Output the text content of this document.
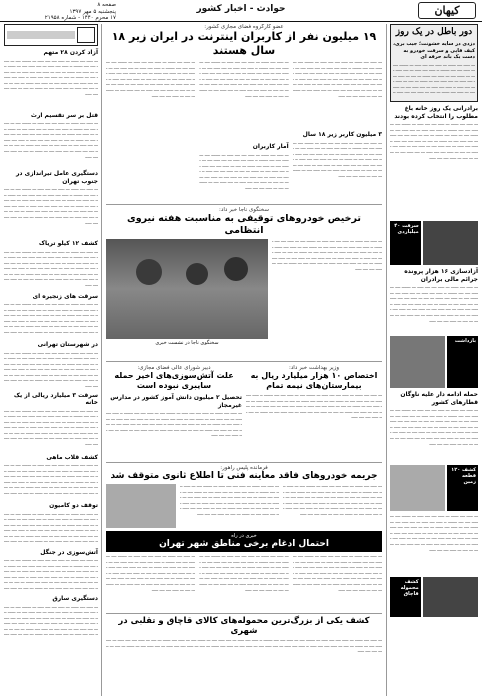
کیهان
حوادث - اخبار کشور
صفحه ۸
پنجشنبه ۵ مهر ۱۳۹۷
۱۷ محرم ۱۴۴۰ - شماره ۲۱۹۵۸
دور باطل در یک روز
دزدی در سایه خشونت؛ جیب بری، کیف قاپی و سرقت خودرو به دست یک باند حرفه ای
ـــ ـــــ ــــ ــــــ ـــ ـــــ ــــ ــــ ـــــ ـــ ـــــــ ــــ ـــ ـــــ ــــ ــــ ـــــــ ــ ـــــ ــــ ـــــ ـــ ــــ ـــــ ــــ ـــ ــــــ ــــ ـــ ـــــ ــــ ــــــ ـــ ــــ ـــ ـــــ ــــ ــــ ـــــ ـــ ــــ ـــــ ــــ ـــ ــــــ ـــ ــــ ـــ ـــــ ــــ ــــ ـــــ ــ ـــــ ــــ ـــــ ـــ ــــ ـــــ ــــ ـــ ـــــ ــــ ـــ ـــــ ــــ ــــــ ـــ ــــ ـــ ـــــ ــــ ــــ ـــــ ــ
برادرانی یک روز خانه باغ مطلوب را انتخاب کرده بودند
ـــ ـــــ ــــ ــــــ ـــ ـــــ ــــ ــــ ـــــ ـــ ـــــــ ــــ ـــ ـــــ ــــ ــــ ـــــــ ــ ـــــ ــــ ـــــ ـــ ــــ ـــــ ــــ ـــ ــــــ ــــ ـــ ـــــ ــــ ــــــ ـــ ــــ ـــ ـــــ ــــ ــــ ـــــ ـــ ــــ ـــــ ــــ ـــ ــــــ ـــ ــــ ـــ ـــــ ــــ ــــ ـــــ ــ ـــــ ــــ ـــــ ـــ ــــ ـــــ ــــ ـــ ـــــ ــــ ـــ ـــــ ــــ ــــــ ـــ ــــ ـــ ـــــ ــــ ــــ ـــــ ـــ ــــ ـــــ ــــ ـــ ــــــ ـــ ــــ ـــ ـــــ ــــ ــــ ـــــ
سرقت ۴۰ میلیاردی
آزادسازی ۱۶ هزار پرونده جرائم مالی برادران
ـــ ـــــ ــــ ــــــ ـــ ـــــ ــــ ــــ ـــــ ـــ ـــــــ ــــ ـــ ـــــ ــــ ــــ ـــــــ ــ ـــــ ــــ ـــــ ـــ ــــ ـــــ ــــ ـــ ــــــ ــــ ـــ ـــــ ــــ ــــــ ـــ ــــ ـــ ـــــ ــــ ــــ ـــــ ـــ ــــ ـــــ ــــ ـــ ــــــ ـــ ــــ ـــ ـــــ ــــ ــــ ـــــ ــ ـــــ ــــ ـــــ ـــ ــــ ـــــ ــــ ـــ ـــــ ــــ ـــ ـــــ ــــ ــــــ ـــ ــــ ـــ ـــــ ــــ ــــ ـــــ ـــ ــــ ـــــ ــــ ـــ ــــــ ـــ ــــ ـــ ـــــ ــــ ــــ ـــــ
بازداشت
حمله ادامه دار علیه ناوگان قطارهای کشور
ـــ ـــــ ــــ ــــــ ـــ ـــــ ــــ ــــ ـــــ ـــ ـــــــ ــــ ـــ ـــــ ــــ ــــ ـــــــ ــ ـــــ ــــ ـــــ ـــ ــــ ـــــ ــــ ـــ ــــــ ــــ ـــ ـــــ ــــ ــــــ ـــ ــــ ـــ ـــــ ــــ ــــ ـــــ ـــ ــــ ـــــ ــــ ـــ ــــــ ـــ ــــ ـــ ـــــ ــــ ــــ ـــــ ــ ـــــ ــــ ـــــ ـــ ــــ ـــــ ــــ ـــ ـــــ ــــ ـــ ـــــ ــــ ــــــ ـــ ــــ ـــ ـــــ ــــ ــــ ـــــ ـــ ــــ ـــــ ــــ ـــ ــــــ ـــ ــــ ـــ ـــــ ــــ ــــ ـــــ
کشف ۱۲۰ قطعه زمین
ـــ ـــــ ــــ ــــــ ـــ ـــــ ــــ ــــ ـــــ ـــ ـــــــ ــــ ـــ ـــــ ــــ ــــ ـــــــ ــ ـــــ ــــ ـــــ ـــ ــــ ـــــ ــــ ـــ ــــــ ــــ ـــ ـــــ ــــ ــــــ ـــ ــــ ـــ ـــــ ــــ ــــ ـــــ ـــ ــــ ـــــ ــــ ـــ ــــــ ـــ ــــ ـــ ـــــ ــــ ــــ ـــــ ــ ـــــ ــــ ـــــ ـــ ــــ ـــــ ــــ ـــ ـــــ ــــ ـــ ـــــ ــــ ــــــ ـــ ــــ ـــ ـــــ ــــ ــــ ـــــ ـــ ــــ ـــــ ــــ ـــ ــــــ ـــ ــــ ـــ ـــــ ــــ ــــ ـــــ
کشف محموله قاچاق
عضو کارگروه فضای مجازی کشور:
۱۹ میلیون نفر از کاربران اینترنت در ایران زیر ۱۸ سال هستند
ـــ ـــــ ــــ ــــــ ـــ ـــــ ــــ ــــ ـــــ ـــ ـــــــ ــــ ـــ ـــــ ــــ ــــ ـــــــ ــ ـــــ ــــ ـــــ ـــ ــــ ـــــ ــــ ـــ ــــــ ــــ ـــ ـــــ ــــ ــــــ ـــ ــــ ـــ ـــــ ــــ ــــ ـــــ ـــ ــــ ـــــ ــــ ـــ ــــــ ـــ ــــ ـــ ـــــ ــــ ــــ ـــــ ــ ـــــ ــــ ـــــ ـــ ــــ ـــــ ــــ ـــ ـــــ ــــ ـــ ـــــ ــــ ــــــ ـــ ــــ ـــ ـــــ ــــ ــــ ـــــ ـــ ــــ ـــــ ــــ ـــ ــــــ ـــ ــــ ـــ ـــــ ــــ ــــ ـــــ
۳ میلیون کاربر زیر ۱۸ سال
ـــ ـــــ ــــ ــــــ ـــ ـــــ ــــ ــــ ـــــ ـــ ـــــــ ــــ ـــ ـــــ ــــ ــــ ـــــــ ــ ـــــ ــــ ـــــ ـــ ــــ ـــــ ــــ ـــ ــــــ ــــ ـــ ـــــ ــــ ــــــ ـــ ــــ ـــ ـــــ ــــ ــــ ـــــ ـــ ــــ ـــــ ــــ ـــ ــــــ ـــ ــــ ـــ ـــــ ــــ ــــ ـــــ ــ ـــــ ــــ ـــــ ـــ ــــ ـــــ ــــ ـــ ـــــ ــــ ـــ ـــــ ــــ ــــــ ـــ ــــ ـــ ـــــ ــــ ــــ ـــــ ـــ ــــ ـــــ ــــ ـــ ــــــ ـــ ــــ ـــ ـــــ ــــ ــــ ـــــ
ـــ ـــــ ــــ ــــــ ـــ ـــــ ــــ ــــ ـــــ ـــ ـــــــ ــــ ـــ ـــــ ــــ ــــ ـــــــ ــ ـــــ ــــ ـــــ ـــ ــــ ـــــ ــــ ـــ ــــــ ــــ ـــ ـــــ ــــ ــــــ ـــ ــــ ـــ ـــــ ــــ ــــ ـــــ ـــ ــــ ـــــ ــــ ـــ ــــــ ـــ ــــ ـــ ـــــ ــــ ــــ ـــــ ــ ـــــ ــــ ـــــ ـــ ــــ ـــــ ــــ ـــ ـــــ ــــ ـــ ـــــ ــــ ــــــ ـــ ــــ ـــ ـــــ ــــ ــــ ـــــ ـــ ــــ ـــــ ــــ ـــ ــــــ ـــ ــــ ـــ ـــــ ــــ ــــ ـــــ
آمار کاربران
ـــ ـــــ ــــ ــــــ ـــ ـــــ ــــ ــــ ـــــ ـــ ـــــــ ــــ ـــ ـــــ ــــ ــــ ـــــــ ــ ـــــ ــــ ـــــ ـــ ــــ ـــــ ــــ ـــ ــــــ ــــ ـــ ـــــ ــــ ــــــ ـــ ــــ ـــ ـــــ ــــ ــــ ـــــ ـــ ــــ ـــــ ــــ ـــ ــــــ ـــ ــــ ـــ ـــــ ــــ ــــ ـــــ ــ ـــــ ــــ ـــــ ـــ ــــ ـــــ ــــ ـــ ـــــ ــــ ـــ ـــــ ــــ ــــــ ـــ ــــ ـــ ـــــ ــــ ــــ ـــــ ـــ ــــ ـــــ ــــ ـــ ــــــ ـــ ــــ ـــ ـــــ ــــ ــــ ـــــ
ـــ ـــــ ــــ ــــــ ـــ ـــــ ــــ ــــ ـــــ ـــ ـــــــ ــــ ـــ ـــــ ــــ ــــ ـــــــ ــ ـــــ ــــ ـــــ ـــ ــــ ـــــ ــــ ـــ ــــــ ــــ ـــ ـــــ ــــ ــــــ ـــ ــــ ـــ ـــــ ــــ ــــ ـــــ ـــ ــــ ـــــ ــــ ـــ ــــــ ـــ ــــ ـــ ـــــ ــــ ــــ ـــــ ــ ـــــ ــــ ـــــ ـــ ــــ ـــــ ــــ ـــ ـــــ ــــ ـــ ـــــ ــــ ــــــ ـــ ــــ ـــ ـــــ ــــ ــــ ـــــ ـــ ــــ ـــــ ــــ ـــ ــــــ ـــ ــــ ـــ ـــــ ــــ ــــ ـــــ
سخنگوی ناجا خبر داد:
ترخیص خودروهای توقیفی به مناسبت هفته نیروی انتظامی
ـــ ـــــ ــــ ــــــ ـــ ـــــ ــــ ــــ ـــــ ـــ ـــــــ ــــ ـــ ـــــ ــــ ــــ ـــــــ ــ ـــــ ــــ ـــــ ـــ ــــ ـــــ ــــ ـــ ــــــ ــــ ـــ ـــــ ــــ ــــــ ـــ ــــ ـــ ـــــ ــــ ــــ ـــــ ـــ ــــ ـــــ ــــ ـــ ــــــ ـــ ــــ ـــ ـــــ ــــ ــــ ـــــ ــ ـــــ ــــ ـــــ ـــ ــــ ـــــ ــــ ـــ ـــــ ــــ ـــ ـــــ ــــ ــــــ ـــ ــــ ـــ ـــــ ــــ ــــ ـــــ ـــ ــــ ـــــ ــــ ـــ ــــــ ـــ ــــ ـــ ـــــ ــــ ــــ ـــــ
سخنگوی ناجا در نشست خبری
وزیر بهداشت خبر داد:
اختصاص ۱۰ هزار میلیارد ریال به بیمارستان‌های نیمه تمام
ـــ ـــــ ــــ ــــــ ـــ ـــــ ــــ ــــ ـــــ ـــ ـــــــ ــــ ـــ ـــــ ــــ ــــ ـــــــ ــ ـــــ ــــ ـــــ ـــ ــــ ـــــ ــــ ـــ ــــــ ــــ ـــ ـــــ ــــ ــــــ ـــ ــــ ـــ ـــــ ــــ ــــ ـــــ ـــ ــــ ـــــ ــــ ـــ ــــــ ـــ ــــ ـــ ـــــ ــــ ــــ ـــــ ــ ـــــ ــــ ـــــ ـــ ــــ ـــــ ــــ ـــ ـــــ ــــ ـــ ـــــ ــــ ــــــ ـــ ــــ ـــ ـــــ ــــ ــــ ـــــ ـــ ــــ ـــــ ــــ ـــ ــــــ ـــ ــــ ـــ ـــــ ــــ ــــ ـــــ
دبیر شورای عالی فضای مجازی:
علت آتش‌سوزی‌های اخیر حمله سایبری نبوده است
تحصیل ۲ میلیون دانش آموز کشور در مدارس غیرمجاز
ـــ ـــــ ــــ ــــــ ـــ ـــــ ــــ ــــ ـــــ ـــ ـــــــ ــــ ـــ ـــــ ــــ ــــ ـــــــ ــ ـــــ ــــ ـــــ ـــ ــــ ـــــ ــــ ـــ ــــــ ــــ ـــ ـــــ ــــ ــــــ ـــ ــــ ـــ ـــــ ــــ ــــ ـــــ ـــ ــــ ـــــ ــــ ـــ ــــــ ـــ ــــ ـــ ـــــ ــــ ــــ ـــــ ــ ـــــ ــــ ـــــ ـــ ــــ ـــــ ــــ ـــ ـــــ ــــ ـــ ـــــ ــــ ــــــ ـــ ــــ ـــ ـــــ ــــ ــــ ـــــ ـــ ــــ ـــــ ــــ ـــ ــــــ ـــ ــــ ـــ ـــــ ــــ ــــ ـــــ
فرمانده پلیس راهور:
جریمه خودروهای فاقد معاینه فنی تا اطلاع ثانوی متوقف شد
ـــ ـــــ ــــ ــــــ ـــ ـــــ ــــ ــــ ـــــ ـــ ـــــــ ــــ ـــ ـــــ ــــ ــــ ـــــــ ــ ـــــ ــــ ـــــ ـــ ــــ ـــــ ــــ ـــ ــــــ ــــ ـــ ـــــ ــــ ــــــ ـــ ــــ ـــ ـــــ ــــ ــــ ـــــ ـــ ــــ ـــــ ــــ ـــ ــــــ ـــ ــــ ـــ ـــــ ــــ ــــ ـــــ ــ ـــــ ــــ ـــــ ـــ ــــ ـــــ ــــ ـــ ـــــ ــــ ـــ ـــــ ــــ ــــــ ـــ ــــ ـــ ـــــ ــــ ــــ ـــــ ـــ ــــ ـــــ ــــ ـــ ــــــ ـــ ــــ ـــ ـــــ ــــ ــــ ـــــ
ـــ ـــــ ــــ ــــــ ـــ ـــــ ــــ ــــ ـــــ ـــ ـــــــ ــــ ـــ ـــــ ــــ ــــ ـــــــ ــ ـــــ ــــ ـــــ ـــ ــــ ـــــ ــــ ـــ ــــــ ــــ ـــ ـــــ ــــ ــــــ ـــ ــــ ـــ ـــــ ــــ ــــ ـــــ ـــ ــــ ـــــ ــــ ـــ ــــــ ـــ ــــ ـــ ـــــ ــــ ــــ ـــــ ــ ـــــ ــــ ـــــ ـــ ــــ ـــــ ــــ ـــ ـــــ ــــ ـــ ـــــ ــــ ــــــ ـــ ــــ ـــ ـــــ ــــ ــــ ـــــ ـــ ــــ ـــــ ــــ ـــ ــــــ ـــ ــــ ـــ ـــــ ــــ ــــ ـــــ
خبری در راه
احتمال ادغام برخی مناطق شهر تهران
ـــ ـــــ ــــ ــــــ ـــ ـــــ ــــ ــــ ـــــ ـــ ـــــــ ــــ ـــ ـــــ ــــ ــــ ـــــــ ــ ـــــ ــــ ـــــ ـــ ــــ ـــــ ــــ ـــ ــــــ ــــ ـــ ـــــ ــــ ــــــ ـــ ــــ ـــ ـــــ ــــ ــــ ـــــ ـــ ــــ ـــــ ــــ ـــ ــــــ ـــ ــــ ـــ ـــــ ــــ ــــ ـــــ ــ ـــــ ــــ ـــــ ـــ ــــ ـــــ ــــ ـــ ـــــ ــــ ـــ ـــــ ــــ ــــــ ـــ ــــ ـــ ـــــ ــــ ــــ ـــــ ـــ ــــ ـــــ ــــ ـــ ــــــ ـــ ــــ ـــ ـــــ ــــ ــــ ـــــ
ـــ ـــــ ــــ ــــــ ـــ ـــــ ــــ ــــ ـــــ ـــ ـــــــ ــــ ـــ ـــــ ــــ ــــ ـــــــ ــ ـــــ ــــ ـــــ ـــ ــــ ـــــ ــــ ـــ ــــــ ــــ ـــ ـــــ ــــ ــــــ ـــ ــــ ـــ ـــــ ــــ ــــ ـــــ ـــ ــــ ـــــ ــــ ـــ ــــــ ـــ ــــ ـــ ـــــ ــــ ــــ ـــــ ــ ـــــ ــــ ـــــ ـــ ــــ ـــــ ــــ ـــ ـــــ ــــ ـــ ـــــ ــــ ــــــ ـــ ــــ ـــ ـــــ ــــ ــــ ـــــ ـــ ــــ ـــــ ــــ ـــ ــــــ ـــ ــــ ـــ ـــــ ــــ ــــ ـــــ
ـــ ـــــ ــــ ــــــ ـــ ـــــ ــــ ــــ ـــــ ـــ ـــــــ ــــ ـــ ـــــ ــــ ــــ ـــــــ ــ ـــــ ــــ ـــــ ـــ ــــ ـــــ ــــ ـــ ــــــ ــــ ـــ ـــــ ــــ ــــــ ـــ ــــ ـــ ـــــ ــــ ــــ ـــــ ـــ ــــ ـــــ ــــ ـــ ــــــ ـــ ــــ ـــ ـــــ ــــ ــــ ـــــ ــ ـــــ ــــ ـــــ ـــ ــــ ـــــ ــــ ـــ ـــــ ــــ ـــ ـــــ ــــ ــــــ ـــ ــــ ـــ ـــــ ــــ ــــ ـــــ ـــ ــــ ـــــ ــــ ـــ ــــــ ـــ ــــ ـــ ـــــ ــــ ــــ ـــــ
کشف یکی از بزرگ‌ترین محموله‌های کالای قاچاق و تقلبی در شهری
ـــ ـــــ ــــ ــــــ ـــ ـــــ ــــ ــــ ـــــ ـــ ـــــــ ــــ ـــ ـــــ ــــ ــــ ـــــــ ــ ـــــ ــــ ـــــ ـــ ــــ ـــــ ــــ ـــ ــــــ ــــ ـــ ـــــ ــــ ــــــ ـــ ــــ ـــ ـــــ ــــ ــــ ـــــ ـــ ــــ ـــــ ــــ ـــ ــــــ ـــ ــــ ـــ ـــــ ــــ ــــ ـــــ ــ ـــــ ــــ ـــــ ـــ ــــ ـــــ ــــ ـــ ـــــ ــــ ـــ ـــــ ــــ ــــــ ـــ ــــ ـــ ـــــ ــــ ــــ ـــــ ـــ ــــ ـــــ ــــ ـــ ــــــ ـــ ــــ ـــ ـــــ ــــ ــــ ـــــ
آزاد کردن ۲۸ متهم
ـــ ـــــ ــــ ــــــ ـــ ـــــ ــــ ــــ ـــــ ـــ ـــــــ ــــ ـــ ـــــ ــــ ــــ ـــــــ ــ ـــــ ــــ ـــــ ـــ ــــ ـــــ ــــ ـــ ــــــ ــــ ـــ ـــــ ــــ ــــــ ـــ ــــ ـــ ـــــ ــــ ــــ ـــــ ـــ ــــ ـــــ ــــ ـــ ــــــ ـــ ــــ ـــ ـــــ ــــ ــــ ـــــ ــ ـــــ ــــ ـــــ ـــ ــــ ـــــ ــــ ـــ ـــــ ــــ ـــ ـــــ ــــ ــــــ ـــ ــــ ـــ ـــــ ــــ ــــ ـــــ ـــ ــــ ـــــ ــــ ـــ ــــــ ـــ ــــ ـــ ـــــ ــــ ــــ ـــــ
قتل بر سر تقسیم ارث
ـــ ـــــ ــــ ــــــ ـــ ـــــ ــــ ــــ ـــــ ـــ ـــــــ ــــ ـــ ـــــ ــــ ــــ ـــــــ ــ ـــــ ــــ ـــــ ـــ ــــ ـــــ ــــ ـــ ــــــ ــــ ـــ ـــــ ــــ ــــــ ـــ ــــ ـــ ـــــ ــــ ــــ ـــــ ـــ ــــ ـــــ ــــ ـــ ــــــ ـــ ــــ ـــ ـــــ ــــ ــــ ـــــ ــ ـــــ ــــ ـــــ ـــ ــــ ـــــ ــــ ـــ ـــــ ــــ ـــ ـــــ ــــ ــــــ ـــ ــــ ـــ ـــــ ــــ ــــ ـــــ ـــ ــــ ـــــ ــــ ـــ ــــــ ـــ ــــ ـــ ـــــ ــــ ــــ ـــــ
دستگیری عامل تیراندازی در جنوب تهران
ـــ ـــــ ــــ ــــــ ـــ ـــــ ــــ ــــ ـــــ ـــ ـــــــ ــــ ـــ ـــــ ــــ ــــ ـــــــ ــ ـــــ ــــ ـــــ ـــ ــــ ـــــ ــــ ـــ ــــــ ــــ ـــ ـــــ ــــ ــــــ ـــ ــــ ـــ ـــــ ــــ ــــ ـــــ ـــ ــــ ـــــ ــــ ـــ ــــــ ـــ ــــ ـــ ـــــ ــــ ــــ ـــــ ــ ـــــ ــــ ـــــ ـــ ــــ ـــــ ــــ ـــ ـــــ ــــ ـــ ـــــ ــــ ــــــ ـــ ــــ ـــ ـــــ ــــ ــــ ـــــ ـــ ــــ ـــــ ــــ ـــ ــــــ ـــ ــــ ـــ ـــــ ــــ ــــ ـــــ
کشف ۱۲ کیلو تریاک
ـــ ـــــ ــــ ــــــ ـــ ـــــ ــــ ــــ ـــــ ـــ ـــــــ ــــ ـــ ـــــ ــــ ــــ ـــــــ ــ ـــــ ــــ ـــــ ـــ ــــ ـــــ ــــ ـــ ــــــ ــــ ـــ ـــــ ــــ ــــــ ـــ ــــ ـــ ـــــ ــــ ــــ ـــــ ـــ ــــ ـــــ ــــ ـــ ــــــ ـــ ــــ ـــ ـــــ ــــ ــــ ـــــ ــ ـــــ ــــ ـــــ ـــ ــــ ـــــ ــــ ـــ ـــــ ــــ ـــ ـــــ ــــ ــــــ ـــ ــــ ـــ ـــــ ــــ ــــ ـــــ ـــ ــــ ـــــ ــــ ـــ ــــــ ـــ ــــ ـــ ـــــ ــــ ــــ ـــــ
سرقت های زنجیره ای
ـــ ـــــ ــــ ــــــ ـــ ـــــ ــــ ــــ ـــــ ـــ ـــــــ ــــ ـــ ـــــ ــــ ــــ ـــــــ ــ ـــــ ــــ ـــــ ـــ ــــ ـــــ ــــ ـــ ــــــ ــــ ـــ ـــــ ــــ ــــــ ـــ ــــ ـــ ـــــ ــــ ــــ ـــــ ـــ ــــ ـــــ ــــ ـــ ــــــ ـــ ــــ ـــ ـــــ ــــ ــــ ـــــ ــ ـــــ ــــ ـــــ ـــ ــــ ـــــ ــــ ـــ ـــــ ــــ ـــ ـــــ ــــ ــــــ ـــ ــــ ـــ ـــــ ــــ ــــ ـــــ ـــ ــــ ـــــ ــــ ـــ ــــــ ـــ ــــ ـــ ـــــ ــــ
در شهرستان تهرانی
ـــ ـــــ ــــ ــــــ ـــ ـــــ ــــ ــــ ـــــ ـــ ـــــــ ــــ ـــ ـــــ ــــ ــــ ـــــــ ــ ـــــ ــــ ـــــ ـــ ــــ ـــــ ــــ ـــ ــــــ ــــ ـــ ـــــ ــــ ــــــ ـــ ــــ ـــ ـــــ ــــ ــــ ـــــ ـــ ــــ ـــــ ــــ ـــ ــــــ ـــ ــــ ـــ ـــــ ــــ ــــ ـــــ ــ ـــــ ــــ ـــــ ـــ ــــ ـــــ ــــ ـــ ـــــ ــــ ـــ ـــــ ــــ ــــــ ـــ ــــ ـــ ـــــ ــــ ــــ ـــــ ـــ ــــ ـــــ ــــ ـــ ــــــ ـــ ــــ ـــ ـــــ ــــ ــــ ـــــ
سرقت ۳ میلیارد ریالی از یک خانه
ـــ ـــــ ــــ ــــــ ـــ ـــــ ــــ ــــ ـــــ ـــ ـــــــ ــــ ـــ ـــــ ــــ ــــ ـــــــ ــ ـــــ ــــ ـــــ ـــ ــــ ـــــ ــــ ـــ ــــــ ــــ ـــ ـــــ ــــ ــــــ ـــ ــــ ـــ ـــــ ــــ ــــ ـــــ ـــ ــــ ـــــ ــــ ـــ ــــــ ـــ ــــ ـــ ـــــ ــــ ــــ ـــــ ــ ـــــ ــــ ـــــ ـــ ــــ ـــــ ــــ ـــ ـــــ ــــ ـــ ـــــ ــــ ــــــ ـــ ــــ ـــ ـــــ ــــ ــــ ـــــ ـــ ــــ ـــــ ــــ ـــ ــــــ ـــ ــــ ـــ ـــــ ــــ ــــ ـــــ
کشف قلاب ماهی
ـــ ـــــ ــــ ــــــ ـــ ـــــ ــــ ــــ ـــــ ـــ ـــــــ ــــ ـــ ـــــ ــــ ــــ ـــــــ ــ ـــــ ــــ ـــــ ـــ ــــ ـــــ ــــ ـــ ــــــ ــــ ـــ ـــــ ــــ ــــــ ـــ ــــ ـــ ـــــ ــــ ــــ ـــــ ـــ ــــ ـــــ ــــ ـــ ــــــ ـــ ــــ ـــ ـــــ ــــ ــــ ـــــ ــ ـــــ ــــ ـــــ ـــ ــــ ـــــ ــــ ـــ ـــــ ــــ ـــ ـــــ ــــ ــــــ ـــ ــــ ـــ ـــــ ــــ ــــ ـــــ ـــ ــــ ـــــ ــــ ـــ ــــــ ـــ ــــ ـــ ـــــ ــــ
توقف دو کامیون
ـــ ـــــ ــــ ــــــ ـــ ـــــ ــــ ــــ ـــــ ـــ ـــــــ ــــ ـــ ـــــ ــــ ــــ ـــــــ ــ ـــــ ــــ ـــــ ـــ ــــ ـــــ ــــ ـــ ــــــ ــــ ـــ ـــــ ــــ ــــــ ـــ ــــ ـــ ـــــ ــــ ــــ ـــــ ـــ ــــ ـــــ ــــ ـــ ــــــ ـــ ــــ ـــ ـــــ ــــ ــــ ـــــ ــ ـــــ ــــ ـــــ ـــ ــــ ـــــ ــــ ـــ ـــــ ــــ ـــ ـــــ ــــ ــــــ ـــ ــــ ـــ ـــــ ــــ ــــ ـــــ ـــ ــــ ـــــ ــــ ـــ ــــــ ـــ ــــ ـــ ـــــ ــــ
آتش‌سوزی در جنگل
ـــ ـــــ ــــ ــــــ ـــ ـــــ ــــ ــــ ـــــ ـــ ـــــــ ــــ ـــ ـــــ ــــ ــــ ـــــــ ــ ـــــ ــــ ـــــ ـــ ــــ ـــــ ــــ ـــ ــــــ ــــ ـــ ـــــ ــــ ــــــ ـــ ــــ ـــ ـــــ ــــ ــــ ـــــ ـــ ــــ ـــــ ــــ ـــ ــــــ ـــ ــــ ـــ ـــــ ــــ ــــ ـــــ ــ ـــــ ــــ ـــــ ـــ ــــ ـــــ ــــ ـــ ـــــ ــــ ـــ ـــــ ــــ ــــــ ـــ ــــ ـــ ـــــ ــــ ــــ ـــــ ـــ ــــ ـــــ ــــ ـــ ــــــ ـــ ــــ ـــ ـــــ ــــ
دستگیری سارق
ـــ ـــــ ــــ ــــــ ـــ ـــــ ــــ ــــ ـــــ ـــ ـــــــ ــــ ـــ ـــــ ــــ ــــ ـــــــ ــ ـــــ ــــ ـــــ ـــ ــــ ـــــ ــــ ـــ ــــــ ــــ ـــ ـــــ ــــ ــــــ ـــ ــــ ـــ ـــــ ــــ ــــ ـــــ ـــ ــــ ـــــ ــــ ـــ ــــــ ـــ ــــ ـــ ـــــ ــــ ــــ ـــــ ــ ـــــ ــــ ـــــ ـــ ــــ ـــــ ــــ ـــ ـــــ ــــ ـــ ـــــ ــــ ــــــ ـــ ــــ ـــ ـــ
